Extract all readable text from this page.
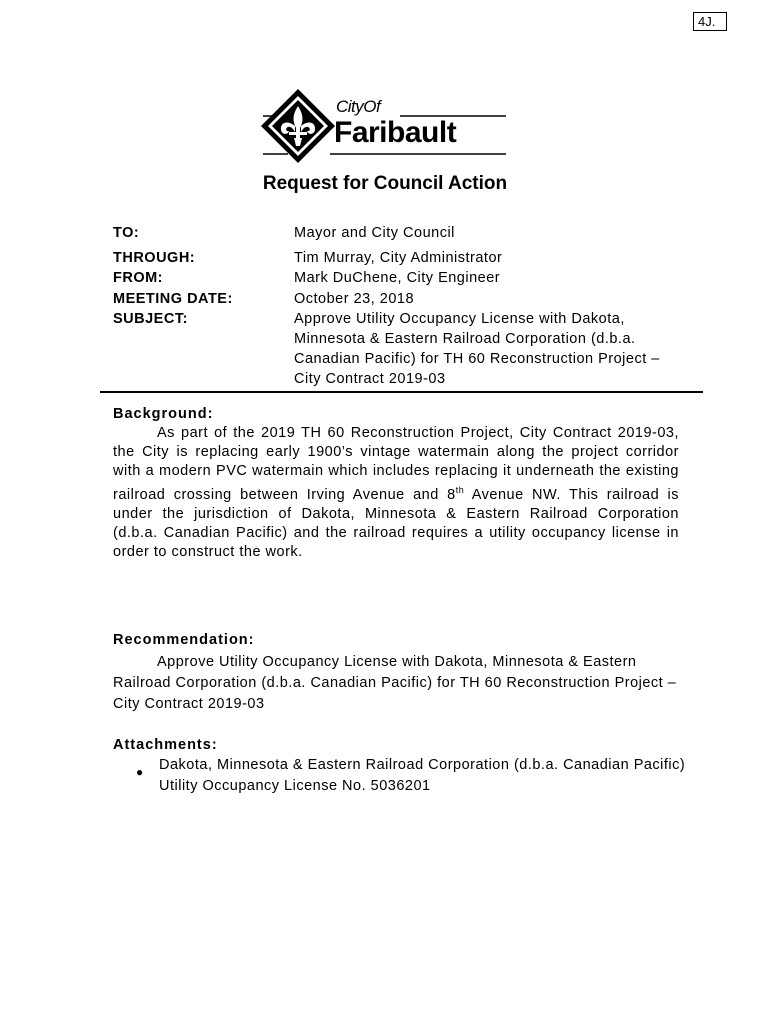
4J.
CityOf
Faribault
Request for Council Action
TO:	Mayor and City Council
THROUGH:	Tim Murray, City Administrator
FROM:	Mark DuChene, City Engineer
MEETING DATE:	October 23, 2018
SUBJECT:	Approve Utility Occupancy License with Dakota, Minnesota & Eastern Railroad Corporation (d.b.a. Canadian Pacific) for TH 60 Reconstruction Project – City Contract 2019-03
Background:

As part of the 2019 TH 60 Reconstruction Project, City Contract 2019-03, the City is replacing early 1900’s vintage watermain along the project corridor with a modern PVC watermain which includes replacing it underneath the existing railroad crossing between Irving Avenue and 8th Avenue NW. This railroad is under the jurisdiction of Dakota, Minnesota & Eastern Railroad Corporation (d.b.a. Canadian Pacific) and the railroad requires a utility occupancy license in order to construct the work.

Recommendation:

Approve Utility Occupancy License with Dakota, Minnesota & Eastern Railroad Corporation (d.b.a. Canadian Pacific) for TH 60 Reconstruction Project – City Contract 2019-03

Attachments:
● Dakota, Minnesota & Eastern Railroad Corporation (d.b.a. Canadian Pacific) Utility Occupancy License No. 5036201
